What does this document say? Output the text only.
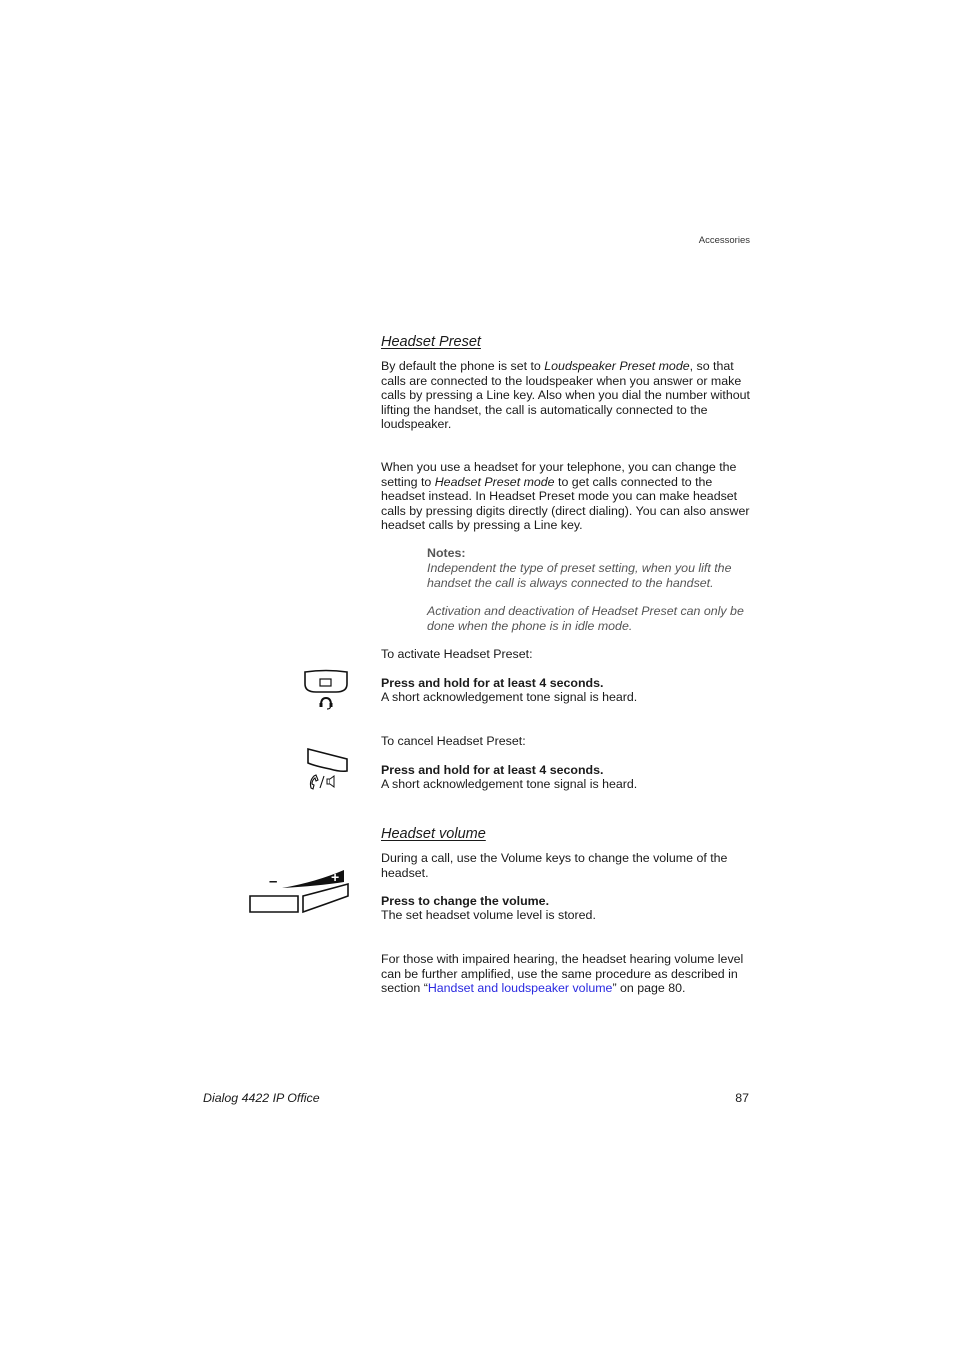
Accessories
Headset Preset
By default the phone is set to Loudspeaker Preset mode, so that calls are connected to the loudspeaker when you answer or make calls by pressing a Line key. Also when you dial the number without lifting the handset, the call is automatically connected to the loudspeaker.
When you use a headset for your telephone, you can change the setting to Headset Preset mode to get calls connected to the headset instead. In Headset Preset mode you can make headset calls by pressing digits directly (direct dialing). You can also answer headset calls by pressing a Line key.
Notes:
Independent the type of preset setting, when you lift the handset the call is always connected to the handset.
Activation and deactivation of Headset Preset can only be done when the phone is in idle mode.
To activate Headset Preset:
Press and hold for at least 4 seconds.
A short acknowledgement tone signal is heard.
To cancel Headset Preset:
Press and hold for at least 4 seconds.
A short acknowledgement tone signal is heard.
Headset volume
During a call, use the Volume keys to change the volume of the headset.
–	+
Press to change the volume.
The set headset volume level is stored.
For those with impaired hearing, the headset hearing volume level can be further amplified, use the same procedure as described in section “Handset and loudspeaker volume” on page 80.
Dialog 4422 IP Office	87
